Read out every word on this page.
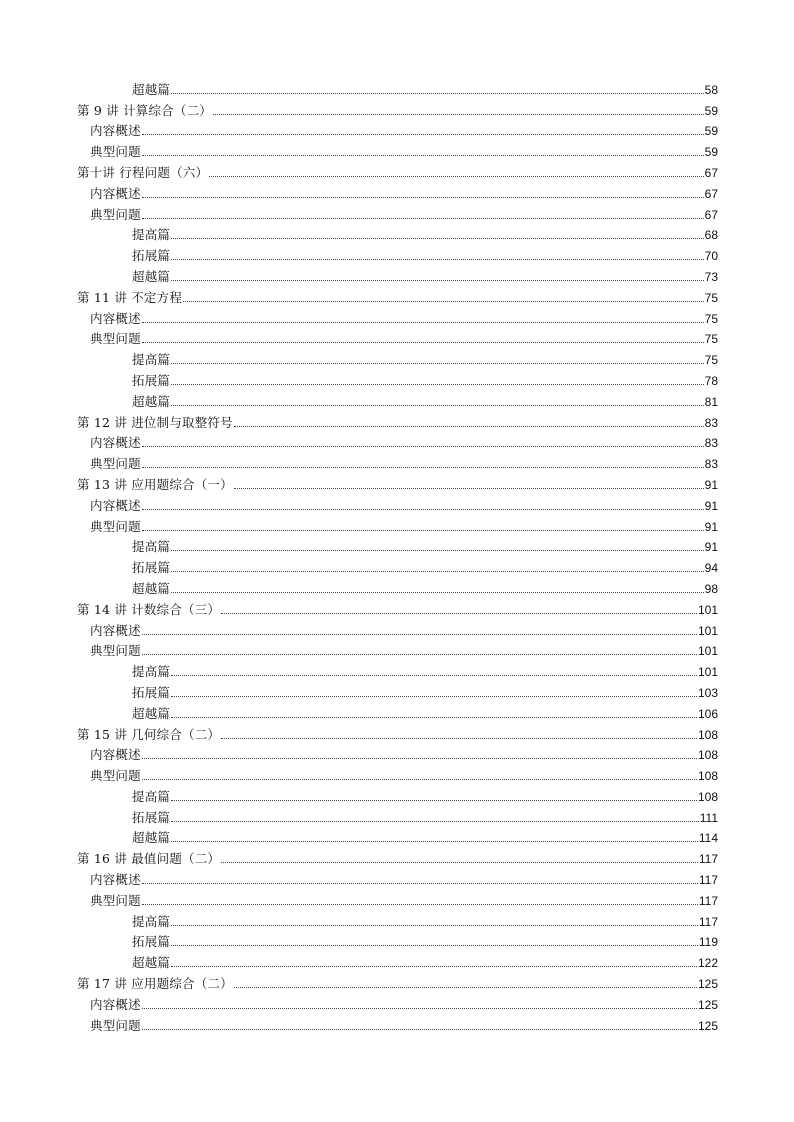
超越篇	58
第 9 讲 计算综合（二）	59
内容概述	59
典型问题	59
第十讲 行程问题（六）	67
内容概述	67
典型问题	67
提高篇	68
拓展篇	70
超越篇	73
第 11 讲 不定方程	75
内容概述	75
典型问题	75
提高篇	75
拓展篇	78
超越篇	81
第 12 讲 进位制与取整符号	83
内容概述	83
典型问题	83
第 13 讲 应用题综合（一）	91
内容概述	91
典型问题	91
提高篇	91
拓展篇	94
超越篇	98
第 14 讲 计数综合（三）	101
内容概述	101
典型问题	101
提高篇	101
拓展篇	103
超越篇	106
第 15 讲 几何综合（二）	108
内容概述	108
典型问题	108
提高篇	108
拓展篇	111
超越篇	114
第 16 讲 最值问题（二）	117
内容概述	117
典型问题	117
提高篇	117
拓展篇	119
超越篇	122
第 17 讲 应用题综合（二）	125
内容概述	125
典型问题	125
